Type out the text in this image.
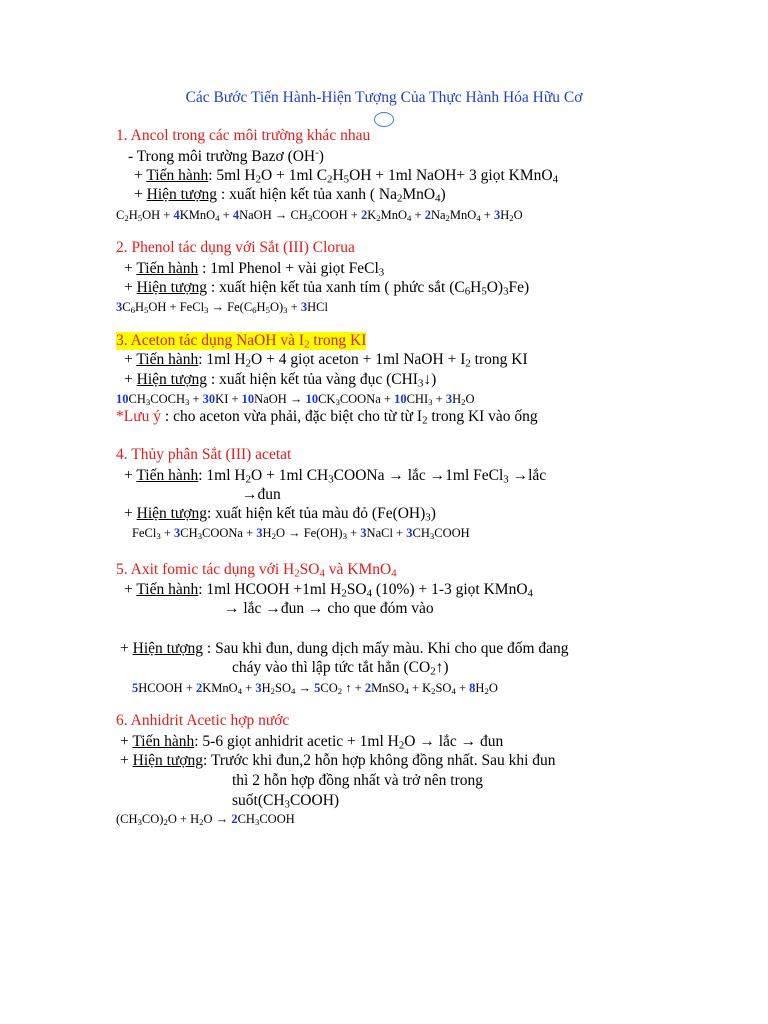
Các Bước Tiến Hành-Hiện Tượng Của Thực Hành Hóa Hữu Cơ
1. Ancol trong các môi trường khác nhau
- Trong môi trường Bazơ (OH-)
+ Tiến hành: 5ml $H_2O + 1ml$ $C_2H_5OH + 1ml$ NaOH+ 3 giọt KMnO$_4$
+ Hiện tượng : xuất hiện kết tủa xanh ( $Na_2MnO_4$)
$C_2H_5OH$ + 4KMnO$_4$ + 4NaOH → $CH_3COOH + 2K_2MnO_4 + 2Na_2MnO_4 + 3H_2O$
2. Phenol tác dụng với Sắt (III) Clorua
+ Tiến hành : 1ml Phenol + vài giọt FeCl$_3$
+ Hiện tượng : xuất hiện kết tủa xanh tím ( phức sắt $(C_6H_5O)_3Fe$)
$3C_6H_5OH$ + FeCl$_3$ → $Fe(C_6H_5O)_3 + 3HCl$
3. Aceton tác dụng NaOH và $I_2$ trong KI
+ Tiến hành: 1ml $H_2O + 4$ giọt aceton + 1ml NaOH + $I_2$ trong KI
+ Hiện tượng : xuất hiện kết tủa vàng đục $(CHI_3↓)$
$10CH_3COCH_3 + 30KI$ + 10NaOH → $10CK_3COONa + 10CHI_3 + 3H_2O$
*Lưu ý : cho aceton vừa phải, đặc biệt cho từ từ $I_2$ trong KI vào ống
4. Thủy phân Sắt (III) acetat
+ Tiến hành: 1ml $H_2O + 1ml$ $CH_3COONa$ → lắc →1ml FeCl$_3$ →lắc
→đun
+ Hiện tượng: xuất hiện kết tủa màu đỏ $(Fe(OH)_3)$
FeCl$_3$ + $3CH_3COONa + 3H_2O \to Fe(OH)_3$ + 3NaCl + $3CH_3COOH$
5. Axit fomic tác dụng với $H_2SO_4$ và KMnO$_4$
+ Tiến hành: 1ml HCOOH +1ml $H_2SO_4$ (10%) + 1-3 giọt KMnO$_4$
→ lắc →đun → cho que đóm vào
+ Hiện tượng : Sau khi đun, dung dịch mấy màu. Khi cho que đốm đang
cháy vào thì lập tức tắt hẳn $(CO_2↑)$
5HCOOH + 2KMnO$_4$ + $3H_2SO_4 \to 5CO_2$ ↑ + 2MnSO$_4$ + $K_2SO_4 + 8H_2O$
6. Anhidrit Acetic hợp nước
+ Tiến hành: 5-6 giọt anhidrit acetic + 1ml $H_2O$ → lắc → đun
+ Hiện tượng: Trước khi đun,2 hỗn hợp không đồng nhất. Sau khi đun
thì 2 hỗn hợp đồng nhất và trở nên trong
$suốt(CH_3COOH)$
$(CH_3CO)_2O + H_2O$ → $2CH_3COOH$
